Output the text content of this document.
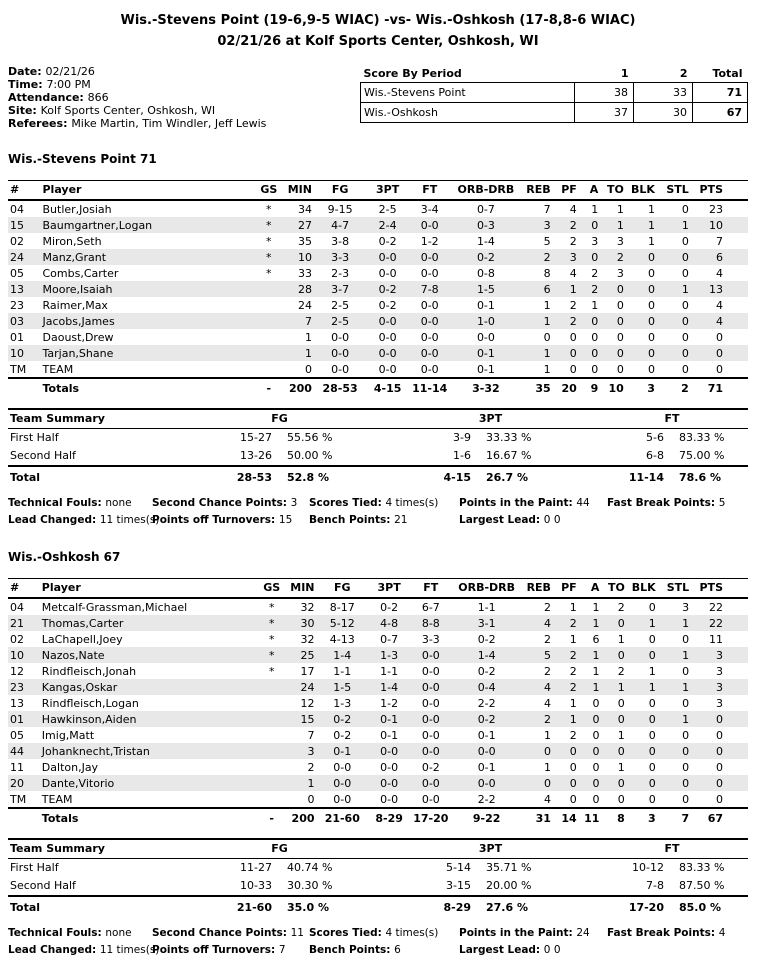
Wis.-Stevens Point (19-6,9-5 WIAC) -vs- Wis.-Oshkosh (17-8,8-6 WIAC)
02/21/26 at Kolf Sports Center, Oshkosh, WI
Date: 02/21/26
Time: 7:00 PM
Attendance: 866
Site: Kolf Sports Center, Oshkosh, WI
Referees: Mike Martin, Tim Windler, Jeff Lewis
Score By Period	1	2	Total
Wis.-Stevens Point	38	33	71
Wis.-Oshkosh	37	30	67
Wis.-Stevens Point 71
#	Player	GS	MIN	FG	3PT	FT	ORB-DRB	REB	PF	A	TO	BLK	STL	PTS
04	Butler,Josiah	*	34	9-15	2-5	3-4	0-7	7	4	1	1	1	0	23
15	Baumgartner,Logan	*	27	4-7	2-4	0-0	0-3	3	2	0	1	1	1	10
02	Miron,Seth	*	35	3-8	0-2	1-2	1-4	5	2	3	3	1	0	7
24	Manz,Grant	*	10	3-3	0-0	0-0	0-2	2	3	0	2	0	0	6
05	Combs,Carter	*	33	2-3	0-0	0-0	0-8	8	4	2	3	0	0	4
13	Moore,Isaiah		28	3-7	0-2	7-8	1-5	6	1	2	0	0	1	13
23	Raimer,Max		24	2-5	0-2	0-0	0-1	1	2	1	0	0	0	4
03	Jacobs,James		7	2-5	0-0	0-0	1-0	1	2	0	0	0	0	4
01	Daoust,Drew		1	0-0	0-0	0-0	0-0	0	0	0	0	0	0	0
10	Tarjan,Shane		1	0-0	0-0	0-0	0-1	1	0	0	0	0	0	0
TM	TEAM		0	0-0	0-0	0-0	0-1	1	0	0	0	0	0	0
	Totals	-	200	28-53	4-15	11-14	3-32	35	20	9	10	3	2	71
Team Summary	FG		3PT		FT	
First Half	15-27	55.56 %	3-9	33.33 %	5-6	83.33 %
Second Half	13-26	50.00 %	1-6	16.67 %	6-8	75.00 %
Total	28-53	52.8 %	4-15	26.7 %	11-14	78.6 %
Technical Fouls: none	Second Chance Points: 3	Scores Tied: 4 times(s)	Points in the Paint: 44	Fast Break Points: 5
Lead Changed: 11 times(s)
Points off Turnovers: 15	Bench Points: 21	Largest Lead: 0 0
Wis.-Oshkosh 67
#	Player	GS	MIN	FG	3PT	FT	ORB-DRB	REB	PF	A	TO	BLK	STL	PTS
04	Metcalf-Grassman,Michael	*	32	8-17	0-2	6-7	1-1	2	1	1	2	0	3	22
21	Thomas,Carter	*	30	5-12	4-8	8-8	3-1	4	2	1	0	1	1	22
02	LaChapell,Joey	*	32	4-13	0-7	3-3	0-2	2	1	6	1	0	0	11
10	Nazos,Nate	*	25	1-4	1-3	0-0	1-4	5	2	1	0	0	1	3
12	Rindfleisch,Jonah	*	17	1-1	1-1	0-0	0-2	2	2	1	2	1	0	3
23	Kangas,Oskar		24	1-5	1-4	0-0	0-4	4	2	1	1	1	1	3
13	Rindfleisch,Logan		12	1-3	1-2	0-0	2-2	4	1	0	0	0	0	3
01	Hawkinson,Aiden		15	0-2	0-1	0-0	0-2	2	1	0	0	0	1	0
05	Imig,Matt		7	0-2	0-1	0-0	0-1	1	2	0	1	0	0	0
44	Johanknecht,Tristan		3	0-1	0-0	0-0	0-0	0	0	0	0	0	0	0
11	Dalton,Jay		2	0-0	0-0	0-2	0-1	1	0	0	1	0	0	0
20	Dante,Vitorio		1	0-0	0-0	0-0	0-0	0	0	0	0	0	0	0
TM	TEAM		0	0-0	0-0	0-0	2-2	4	0	0	0	0	0	0
	Totals	-	200	21-60	8-29	17-20	9-22	31	14	11	8	3	7	67
Team Summary	FG		3PT		FT	
First Half	11-27	40.74 %	5-14	35.71 %	10-12	83.33 %
Second Half	10-33	30.30 %	3-15	20.00 %	7-8	87.50 %
Total	21-60	35.0 %	8-29	27.6 %	17-20	85.0 %
Technical Fouls: none	Second Chance Points: 11 Scores Tied: 4 times(s)	Points in the Paint: 24	Fast Break Points: 4
Lead Changed: 11 times(s)
Points off Turnovers: 7	Bench Points: 6	Largest Lead: 0 0
